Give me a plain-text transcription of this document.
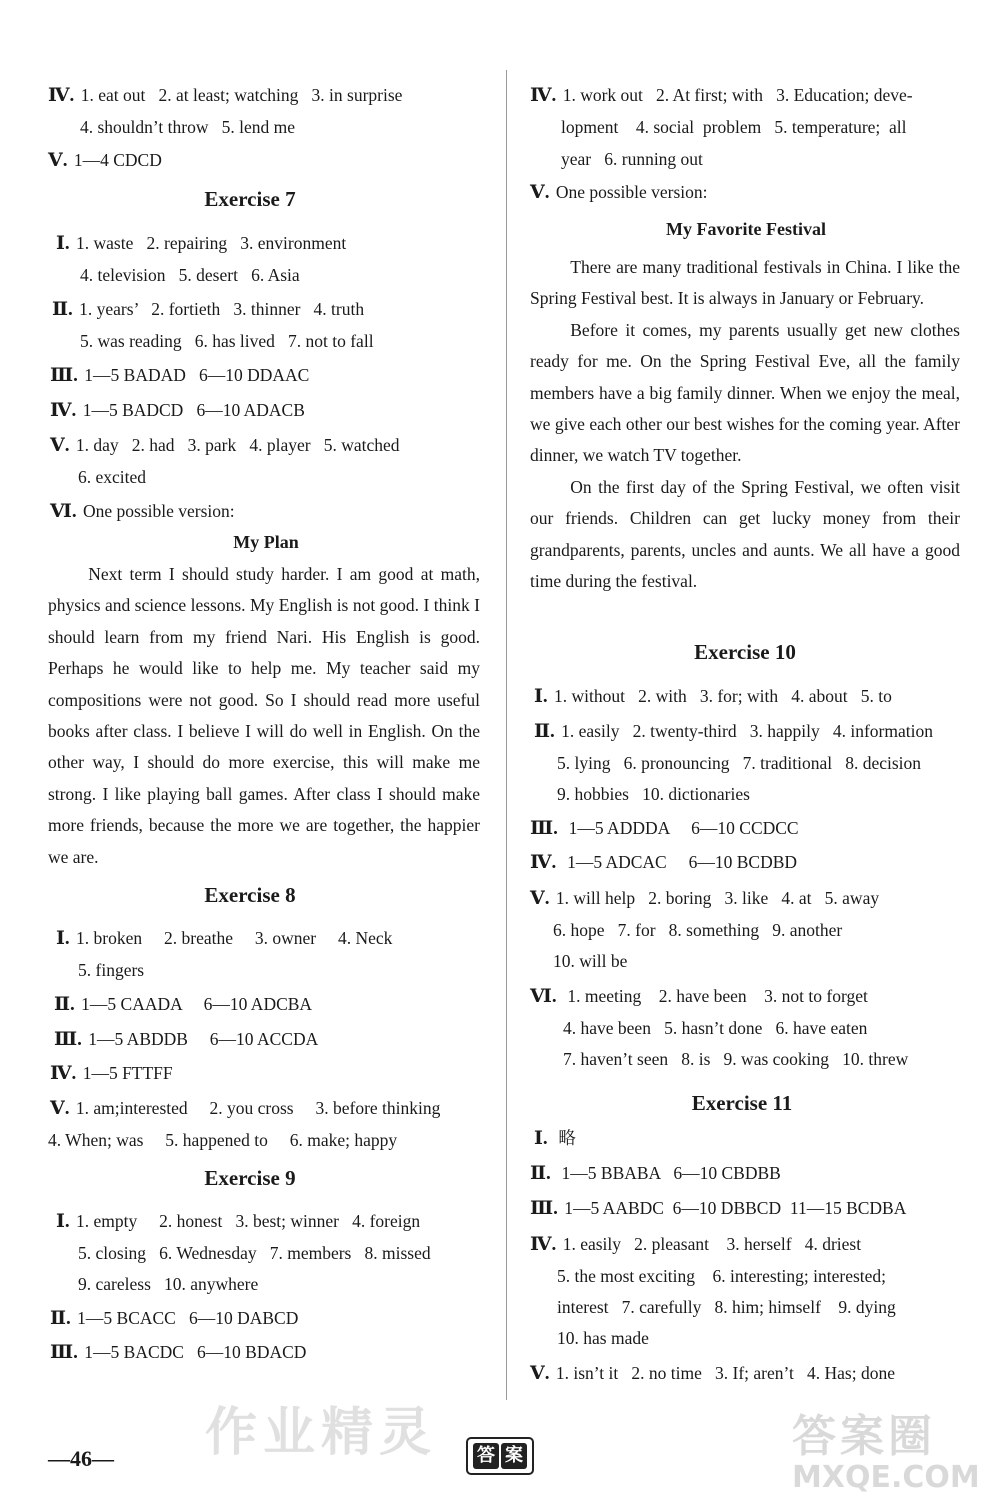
Ⅳ. 1. eat out   2. at least; watching   3. in surprise
4. shouldn’t throw   5. lend me
Ⅴ. 1—4 CDCD
Exercise 7
Ⅰ. 1. waste   2. repairing   3. environment
4. television   5. desert   6. Asia
Ⅱ. 1. years’   2. fortieth   3. thinner   4. truth
5. was reading   6. has lived   7. not to fall
Ⅲ. 1—5 BADAD   6—10 DDAAC
Ⅳ. 1—5 BADCD   6—10 ADACB
Ⅴ. 1. day   2. had   3. park   4. player   5. watched
6. excited
Ⅵ. One possible version:
My Plan

Next term I should study harder. I am good at math, physics and science lessons. My English is not good. I think I should learn from my friend Nari. His English is good. Perhaps he would like to help me. My teacher said my compositions were not good. So I should read more useful books after class. I believe I will do well in English. On the other way, I should do more exercise, this will make me strong. I like playing ball games. After class I should make more friends, because the more we are together, the happier we are.

Exercise 8
Ⅰ. 1. broken     2. breathe     3. owner     4. Neck
5. fingers
Ⅱ. 1—5 CAADA     6—10 ADCBA
Ⅲ. 1—5 ABDDB     6—10 ACCDA
Ⅳ. 1—5 FTTFF
Ⅴ. 1. am;interested     2. you cross     3. before thinking
4. When; was     5. happened to     6. make; happy
Exercise 9
Ⅰ. 1. empty     2. honest   3. best; winner   4. foreign
5. closing   6. Wednesday   7. members   8. missed
9. careless   10. anywhere
Ⅱ. 1—5 BCACC   6—10 DABCD
Ⅲ. 1—5 BACDC   6—10 BDACD
Ⅳ. 1. work out   2. At first; with   3. Education; deve-
lopment    4. social  problem   5. temperature;  all
year   6. running out
Ⅴ. One possible version:
My Favorite Festival

There are many traditional festivals in China. I like the Spring Festival best. It is always in January or February.

Before it comes, my parents usually get new clothes ready for me. On the Spring Festival Eve, all the family members have a big family dinner. When we enjoy the meal, we give each other our best wishes for the coming year. After dinner, we watch TV together.

On the first day of the Spring Festival, we often visit our friends. Children can get lucky money from their grandparents, parents, uncles and aunts. We all have a good time during the festival.

Exercise 10
Ⅰ. 1. without   2. with   3. for; with   4. about   5. to
Ⅱ. 1. easily   2. twenty-third   3. happily   4. information
5. lying   6. pronouncing   7. traditional   8. decision
9. hobbies   10. dictionaries
Ⅲ.  1—5 ADDDA     6—10 CCDCC
Ⅳ.  1—5 ADCAC     6—10 BCDBD
Ⅴ. 1. will help   2. boring   3. like   4. at   5. away
6. hope   7. for   8. something   9. another
10. will be
Ⅵ.  1. meeting    2. have been    3. not to forget
4. have been   5. hasn’t done   6. have eaten
7. haven’t seen   8. is   9. was cooking   10. threw
Exercise 11
Ⅰ.  略
Ⅱ.  1—5 BBABA   6—10 CBDBB
Ⅲ. 1—5 AABDC  6—10 DBBCD  11—15 BCDBA
Ⅳ. 1. easily   2. pleasant    3. herself   4. driest
5. the most exciting    6. interesting; interested;
interest   7. carefully   8. him; himself    9. dying
10. has made
Ⅴ. 1. isn’t it   2. no time   3. If; aren’t   4. Has; done
作业精灵
—46—	答 案	答案圈
MXQE.COM
